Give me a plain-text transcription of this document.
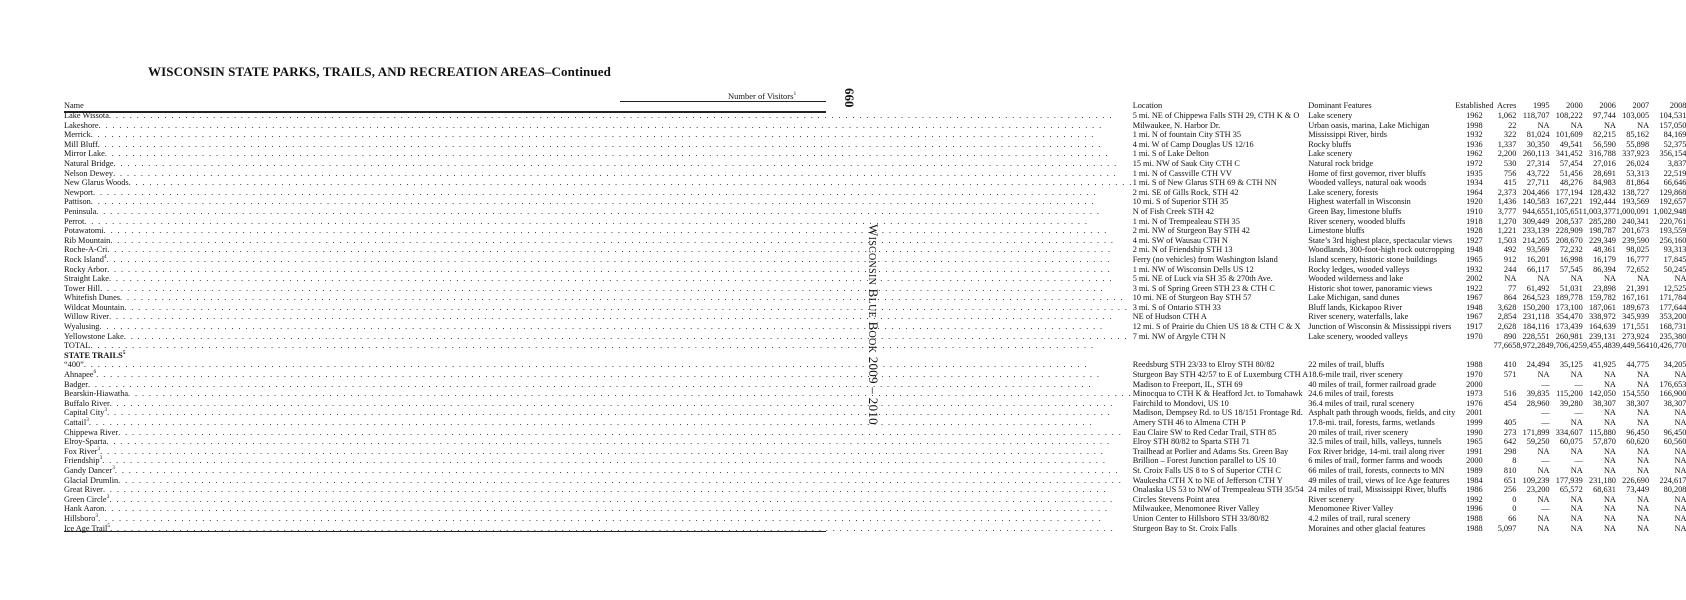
WISCONSIN STATE PARKS, TRAILS, AND RECREATION AREAS–Continued
660
WISCONSIN BLUE BOOK 2009 – 2010
Number of Visitors$^1$
Name	Location	Dominant Features	Established	Acres	1995	2000	2006	2007	2008

Lake Wissota
. . .	5 mi. NE of Chippewa Falls STH 29, CTH K & O	Lake scenery	1962	1,062	118,707	108,222	97,744	103,005	104,531

Lakeshore
. . .	Milwaukee, N. Harbor Dr.	Urban oasis, marina, Lake Michigan	1998	22	NA	NA	NA	NA	157,050

Merrick
. . .	1 mi. N of fountain City STH 35	Mississippi River, birds	1932	322	81,024	101,609	82,215	85,162	84,169

Mill Bluff
. . .	4 mi. W of Camp Douglas US 12/16	Rocky bluffs	1936	1,337	30,350	49,541	56,590	55,898	52,375

Mirror Lake
. . .	1 mi. S of Lake Delton	Lake scenery	1962	2,200	260,113	341,452	316,788	337,923	356,154

Natural Bridge
. . .	15 mi. NW of Sauk City CTH C	Natural rock bridge	1972	530	27,314	57,454	27,016	26,024	3,837

Nelson Dewey
. . .	1 mi. N of Cassville CTH VV	Home of first governor, river bluffs	1935	756	43,722	51,456	28,691	53,313	22,519

New Glarus Woods
. . .	1 mi. S of New Glarus STH 69 & CTH NN	Wooded valleys, natural oak woods	1934	415	27,711	48,276	84,983	81,864	66,646

Newport
. . .	2 mi. SE of Gills Rock, STH 42	Lake scenery, forests	1964	2,373	204,466	177,194	128,432	138,727	129,868

Pattison
. . .	10 mi. S of Superior STH 35	Highest waterfall in Wisconsin	1920	1,436	140,583	167,221	192,444	193,569	192,657

Peninsula
. . .	N of Fish Creek STH 42	Green Bay, limestone bluffs	1910	3,777	944,655	1,105,651	1,003,377	1,000,091	1,002,948

Perrot
. . .	1 mi. N of Trempealeau STH 35	River scenery, wooded bluffs	1918	1,270	309,449	208,537	285,280	240,341	220,761

Potawatomi
. . .	2 mi. NW of Sturgeon Bay STH 42	Limestone bluffs	1928	1,221	233,139	228,909	198,787	201,673	193,559

Rib Mountain
. . .	4 mi. SW of Wausau CTH N	State’s 3rd highest place, spectacular views	1927	1,503	214,205	208,670	229,349	239,590	256,160

Roche-A-Cri
. . .	2 mi. N of Friendship STH 13	Woodlands, 300-foot-high rock outcropping	1948	492	93,569	72,232	48,361	98,025	93,313

Rock Island$^4$
. . .	Ferry (no vehicles) from Washington Island	Island scenery, historic stone buildings	1965	912	16,201	16,998	16,179	16,777	17,845

Rocky Arbor
. . .	1 mi. NW of Wisconsin Dells US 12	Rocky ledges, wooded valleys	1932	244	66,117	57,545	86,394	72,652	50,245

Straight Lake
. . .	5 mi. NE of Luck via SH 35 & 270th Ave.	Wooded wilderness and lake	2002	NA	NA	NA	NA	NA	NA

Tower Hill
. . .	3 mi. S of Spring Green STH 23 & CTH C	Historic shot tower, panoramic views	1922	77	61,492	51,031	23,898	21,391	12,525

Whitefish Dunes
. . .	10 mi. NE of Sturgeon Bay STH 57	Lake Michigan, sand dunes	1967	864	264,523	189,778	159,782	167,161	171,784

Wildcat Mountain
. . .	3 mi. S of Ontario STH 33	Bluff lands, Kickapoo River	1948	3,628	150,200	173,100	187,061	189,673	177,644

Willow River
. . .	NE of Hudson CTH A	River scenery, waterfalls, lake	1967	2,854	231,118	354,470	338,972	345,939	353,200

Wyalusing
. . .	12 mi. S of Prairie du Chien US 18 & CTH C & X	Junction of Wisconsin & Mississippi rivers	1917	2,628	184,116	173,439	164,639	171,551	168,731

Yellowstone Lake
. . .	7 mi. NW of Argyle CTH N	Lake scenery, wooded valleys	1970	890	228,551	260,981	239,131	273,924	235,380

TOTAL
. . .				77,665	8,972,284	9,706,425	9,455,483	9,449,564	10,426,770
STATE TRAILS$^5$

“400”
. . .	Reedsburg STH 23/33 to Elroy STH 80/82	22 miles of trail, bluffs	1988	410	24,494	35,125	41,925	44,775	34,205

Ahnapee$^6$
. . .	Sturgeon Bay STH 42/57 to E of Luxemburg CTH A	18.6-mile trail, river scenery	1970	571	NA	NA	NA	NA	NA

Badger
. . .	Madison to Freeport, IL, STH 69	40 miles of trail, former railroad grade	2000		—	—	NA	NA	176,653

Bearskin-Hiawatha
. . .	Minocqua to CTH K & Heafford Jct. to Tomahawk	24.6 miles of trail, forests	1973	516	39,835	115,200	142,050	154,550	166,900

Buffalo River
. . .	Fairchild to Mondovi, US 10	36.4 miles of trail, rural scenery	1976	454	28,960	39,280	38,307	38,307	38,307

Capital City$^3$
. . .	Madison, Dempsey Rd. to US 18/151 Frontage Rd.	Asphalt path through woods, fields, and city	2001		—	—	NA	NA	NA

Cattail$^3$
. . .	Amery STH 46 to Almena CTH P	17.8-mi. trail, forests, farms, wetlands	1999	405	—	NA	NA	NA	NA

Chippewa River
. . .	Eau Claire SW to Red Cedar Trail, STH 85	20 miles of trail, river scenery	1990	273	171,899	334,607	115,880	96,450	96,450

Elroy-Sparta
. . .	Elroy STH 80/82 to Sparta STH 71	32.5 miles of trail, hills, valleys, tunnels	1965	642	59,250	60,075	57,870	60,620	60,560

Fox River$^3$
. . .	Trailhead at Porlier and Adams Sts. Green Bay	Fox River bridge, 14-mi. trail along river	1991	298	NA	NA	NA	NA	NA

Friendship$^3$
. . .	Brillion – Forest Junction parallel to US 10	6 miles of trail, former farms and woods	2000	8	—	—	NA	NA	NA

Gandy Dancer$^3$
. . .	St. Croix Falls US 8 to S of Superior CTH C	66 miles of trail, forests, connects to MN	1989	810	NA	NA	NA	NA	NA

Glacial Drumlin
. . .	Waukesha CTH X to NE of Jefferson CTH Y	49 miles of trail, views of Ice Age features	1984	651	109,239	177,939	231,180	226,690	224,617

Great River
. . .	Onalaska US 53 to NW of Trempealeau STH 35/54	24 miles of trail, Mississippi River, bluffs	1986	256	23,200	65,572	68,631	73,449	80,208

Green Circle$^3$
. . .	Circles Stevens Point area	River scenery	1992	0	NA	NA	NA	NA	NA

Hank Aaron
. . .	Milwaukee, Menomonee River Valley	Menomonee River Valley	1996	0	—	NA	NA	NA	NA

Hillsboro$^3$
. . .	Union Center to Hillsboro STH 33/80/82	4.2 miles of trail, rural scenery	1988	66	NA	NA	NA	NA	NA

Ice Age Trail$^5$
. . .	Sturgeon Bay to St. Croix Falls	Moraines and other glacial features	1988	5,097	NA	NA	NA	NA	NA
